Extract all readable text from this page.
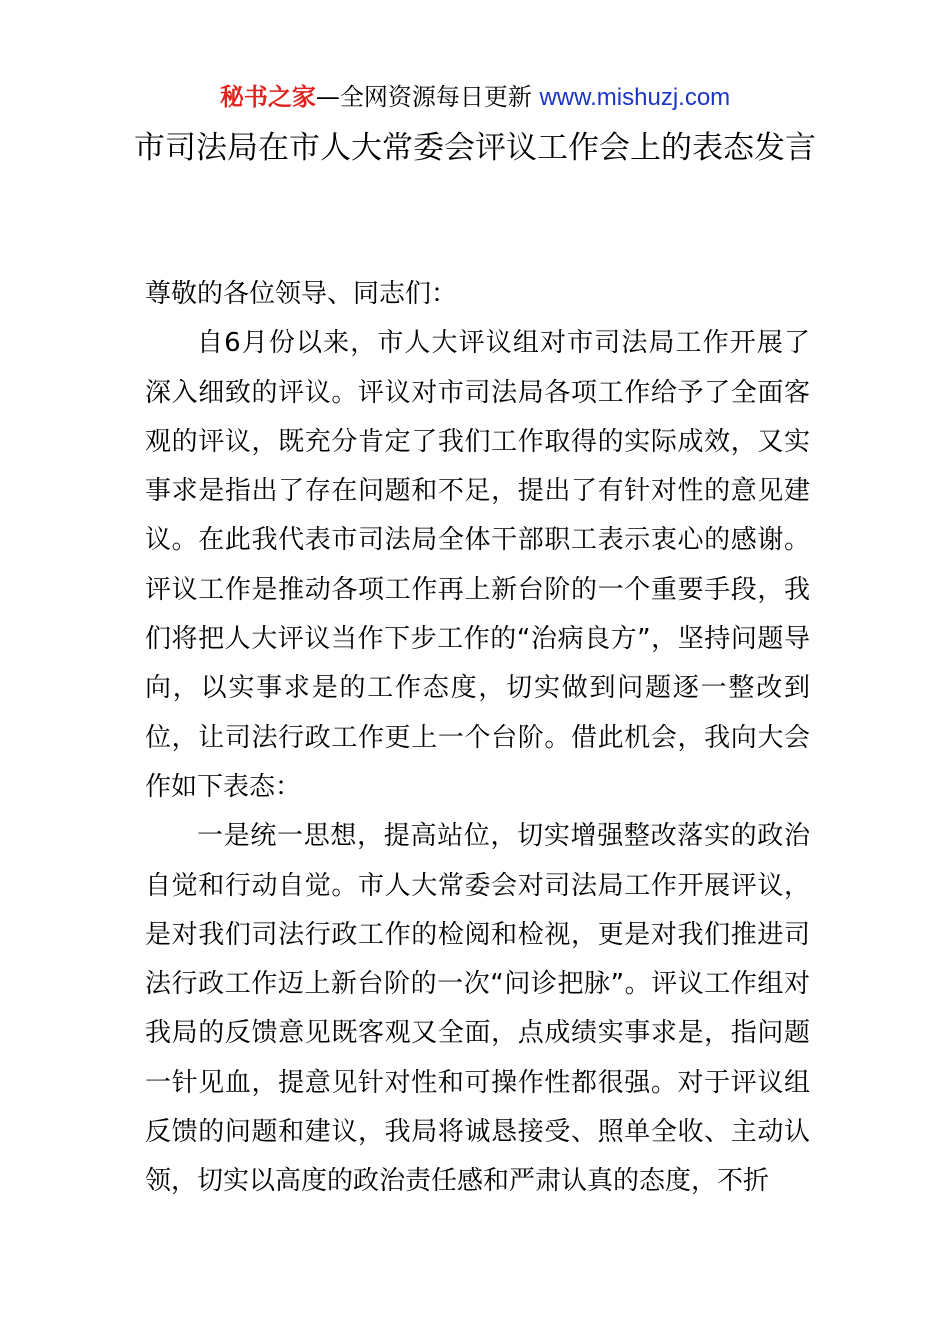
秘书之家—全网资源每日更新 www.mishuzj.com
市司法局在市人大常委会评议工作会上的表态发言

尊敬的各位领导、同志们：

自6月份以来，市人大评议组对市司法局工作开展了深入细致的评议。评议对市司法局各项工作给予了全面客观的评议，既充分肯定了我们工作取得的实际成效，又实事求是指出了存在问题和不足，提出了有针对性的意见建议。在此我代表市司法局全体干部职工表示衷心的感谢。评议工作是推动各项工作再上新台阶的一个重要手段，我们将把人大评议当作下步工作的“治病良方”，坚持问题导向，以实事求是的工作态度，切实做到问题逐一整改到位，让司法行政工作更上一个台阶。借此机会，我向大会作如下表态：

一是统一思想，提高站位，切实增强整改落实的政治自觉和行动自觉。市人大常委会对司法局工作开展评议，是对我们司法行政工作的检阅和检视，更是对我们推进司法行政工作迈上新台阶的一次“问诊把脉”。评议工作组对我局的反馈意见既客观又全面，点成绩实事求是，指问题一针见血，提意见针对性和可操作性都很强。对于评议组反馈的问题和建议，我局将诚恳接受、照单全收、主动认领，切实以高度的政治责任感和严肃认真的态度，不折
